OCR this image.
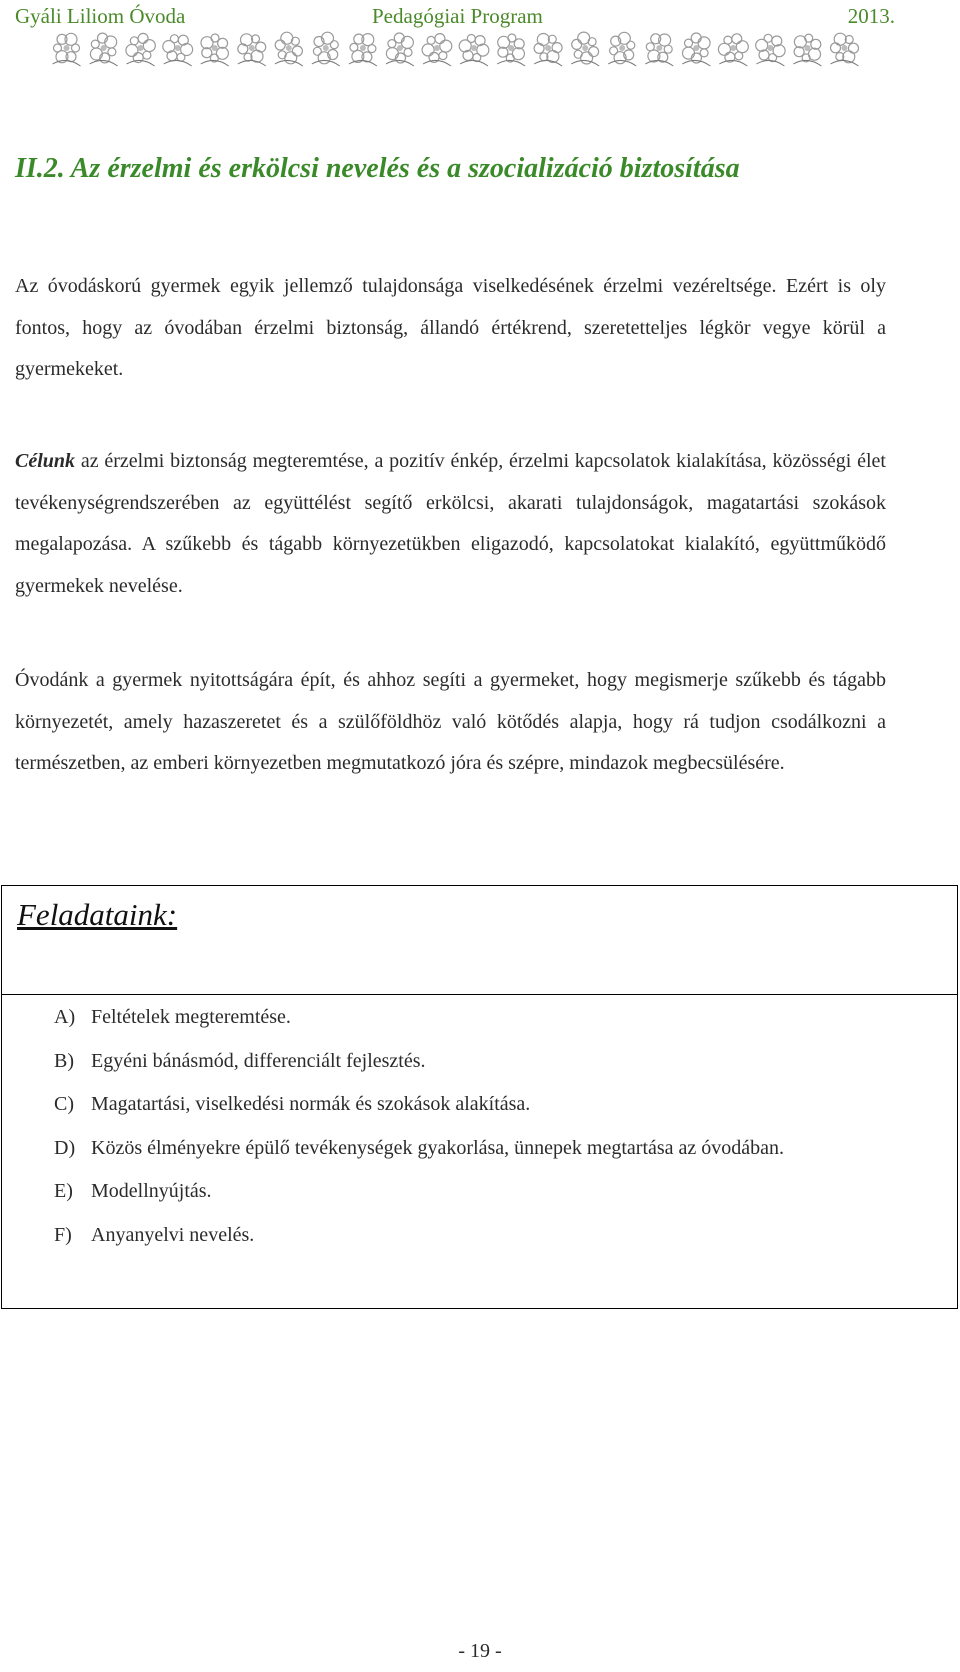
Gyáli Liliom Óvoda	Pedagógiai Program	2013.
II.2. Az érzelmi és erkölcsi nevelés és a szocializáció biztosítása

Az óvodáskorú gyermek egyik jellemző tulajdonsága viselkedésének érzelmi vezéreltsége. Ezért is oly fontos, hogy az óvodában érzelmi biztonság, állandó értékrend, szeretetteljes légkör vegye körül a gyermekeket.

Célunk az érzelmi biztonság megteremtése, a pozitív énkép, érzelmi kapcsolatok kialakítása, közösségi élet tevékenységrendszerében az együttélést segítő erkölcsi, akarati tulajdonságok, magatartási szokások megalapozása. A szűkebb és tágabb környezetükben eligazodó, kapcsolatokat kialakító, együttműködő gyermekek nevelése.

Óvodánk a gyermek nyitottságára épít, és ahhoz segíti a gyermeket, hogy megismerje szűkebb és tágabb környezetét, amely hazaszeretet és a szülőföldhöz való kötődés alapja, hogy rá tudjon csodálkozni a természetben, az emberi környezetben megmutatkozó jóra és szépre, mindazok megbecsülésére.

Feladataink:
A) Feltételek megteremtése.
B) Egyéni bánásmód, differenciált fejlesztés.
C) Magatartási, viselkedési normák és szokások alakítása.
D) Közös élményekre épülő tevékenységek gyakorlása, ünnepek megtartása az óvodában.
E) Modellnyújtás.
F) Anyanyelvi nevelés.
- 19 -
